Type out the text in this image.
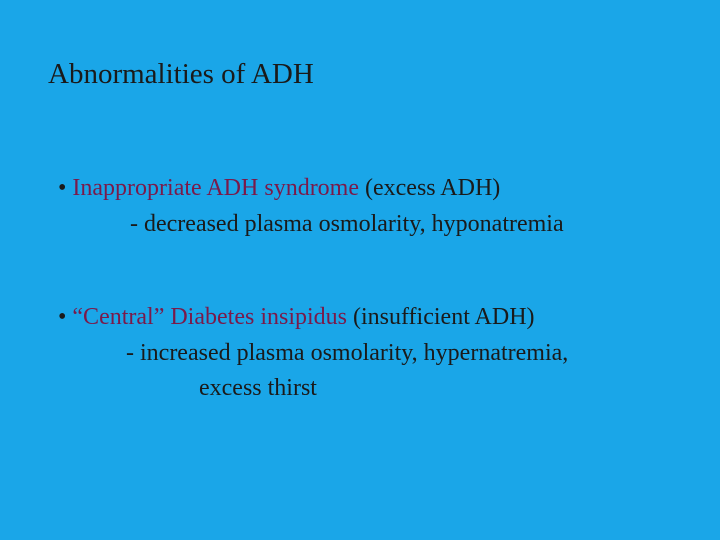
Abnormalities of ADH
• Inappropriate ADH syndrome (excess ADH)
- decreased plasma osmolarity, hyponatremia
• “Central” Diabetes insipidus (insufficient ADH)
- increased plasma osmolarity, hypernatremia,
excess thirst
